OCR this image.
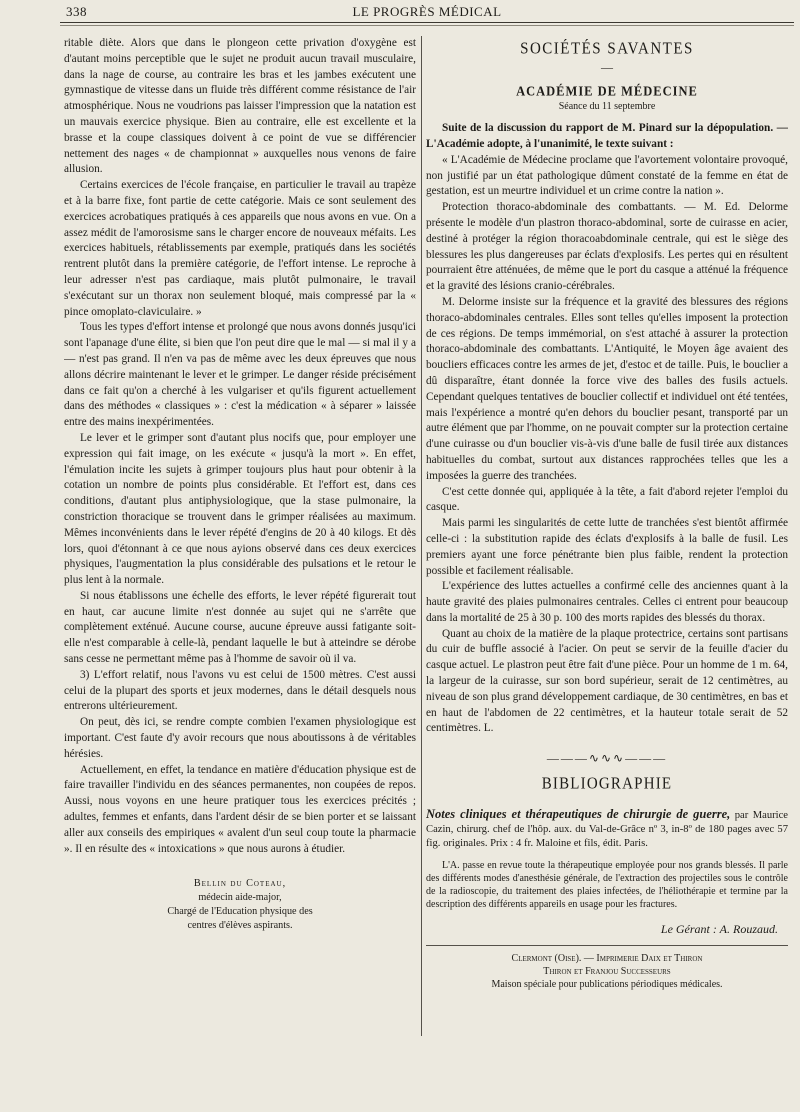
338	LE PROGRÈS MÉDICAL

ritable diète. Alors que dans le plongeon cette privation d'oxygène est d'autant moins perceptible que le sujet ne produit aucun travail musculaire, dans la nage de course, au contraire les bras et les jambes exécutent une gymnastique de vitesse dans un fluide très différent comme résistance de l'air atmosphérique. Nous ne voudrions pas laisser l'impression que la natation est un mauvais exercice physique. Bien au contraire, elle est excellente et la brasse et la coupe classiques doivent à ce point de vue se différencier nettement des nages « de championnat » auxquelles nous venons de faire allusion.

Certains exercices de l'école française, en particulier le travail au trapèze et à la barre fixe, font partie de cette catégorie. Mais ce sont seulement des exercices acrobatiques pratiqués à ces appareils que nous avons en vue. On a assez médit de l'amorosisme sans le charger encore de nouveaux méfaits. Les exercices habituels, rétablissements par exemple, pratiqués dans les sociétés rentrent plutôt dans la première catégorie, de l'effort intense. Le reproche à leur adresser n'est pas cardiaque, mais plutôt pulmonaire, le travail s'exécutant sur un thorax non seulement bloqué, mais compressé par la « pince omoplato-claviculaire. »

Tous les types d'effort intense et prolongé que nous avons donnés jusqu'ici sont l'apanage d'une élite, si bien que l'on peut dire que le mal — si mal il y a — n'est pas grand. Il n'en va pas de même avec les deux épreuves que nous allons décrire maintenant le lever et le grimper. Le danger réside précisément dans ce fait qu'on a cherché à les vulgariser et qu'ils figurent actuellement dans des méthodes « classiques » : c'est la médication « à séparer » laissée entre des mains inexpérimentées.

Le lever et le grimper sont d'autant plus nocifs que, pour employer une expression qui fait image, on les exécute « jusqu'à la mort ». En effet, l'émulation incite les sujets à grimper toujours plus haut pour obtenir à la cotation un nombre de points plus considérable. Et l'effort est, dans ces conditions, d'autant plus antiphysiologique, que la stase pulmonaire, la constriction thoracique se trouvent dans le grimper réalisées au maximum. Mêmes inconvénients dans le lever répété d'engins de 20 à 40 kilogs. Et dès lors, quoi d'étonnant à ce que nous ayions observé dans ces deux exercices physiques, l'augmentation la plus considérable des pulsations et le retour le plus lent à la normale.

Si nous établissons une échelle des efforts, le lever répété figurerait tout en haut, car aucune limite n'est donnée au sujet qui ne s'arrête que complètement exténué. Aucune course, aucune épreuve aussi fatigante soit-elle n'est comparable à celle-là, pendant laquelle le but à atteindre se dérobe sans cesse ne permettant même pas à l'homme de savoir où il va.

3) L'effort relatif, nous l'avons vu est celui de 1500 mètres. C'est aussi celui de la plupart des sports et jeux modernes, dans le détail desquels nous entrerons ultérieurement.

On peut, dès ici, se rendre compte combien l'examen physiologique est important. C'est faute d'y avoir recours que nous aboutissons à de véritables hérésies.

Actuellement, en effet, la tendance en matière d'éducation physique est de faire travailler l'individu en des séances permanentes, non coupées de repos. Aussi, nous voyons en une heure pratiquer tous les exercices précités ; adultes, femmes et enfants, dans l'ardent désir de se bien porter et se laissant aller aux conseils des empiriques « avalent d'un seul coup toute la pharmacie ». Il en résulte des « intoxications » que nous aurons à étudier.

Bellin du Coteau,
médecin aide-major,
Chargé de l'Education physique des
centres d'élèves aspirants.
SOCIÉTÉS SAVANTES
—
ACADÉMIE DE MÉDECINE
Séance du 11 septembre

Suite de la discussion du rapport de M. Pinard sur la dépopulation. — L'Académie adopte, à l'unanimité, le texte suivant :

« L'Académie de Médecine proclame que l'avortement volontaire provoqué, non justifié par un état pathologique dûment constaté de la femme en état de gestation, est un meurtre individuel et un crime contre la nation ».

Protection thoraco-abdominale des combattants. — M. Ed. Delorme présente le modèle d'un plastron thoraco-abdominal, sorte de cuirasse en acier, destiné à protéger la région thoracoabdominale centrale, qui est le siège des blessures les plus dangereuses par éclats d'explosifs. Les pertes qui en résultent pourraient être atténuées, de même que le port du casque a atténué la fréquence et la gravité des lésions cranio-cérébrales.

M. Delorme insiste sur la fréquence et la gravité des blessures des régions thoraco-abdominales centrales. Elles sont telles qu'elles imposent la protection de ces régions. De temps immémorial, on s'est attaché à assurer la protection thoraco-abdominale des combattants. L'Antiquité, le Moyen âge avaient des boucliers efficaces contre les armes de jet, d'estoc et de taille. Puis, le bouclier a dû disparaître, étant donnée la force vive des balles des fusils actuels. Cependant quelques tentatives de bouclier collectif et individuel ont été tentées, mais l'expérience a montré qu'en dehors du bouclier pesant, transporté par un autre élément que par l'homme, on ne pouvait compter sur la protection certaine d'une cuirasse ou d'un bouclier vis-à-vis d'une balle de fusil tirée aux distances habituelles du combat, surtout aux distances rapprochées telles que les a imposées la guerre des tranchées.

C'est cette donnée qui, appliquée à la tête, a fait d'abord rejeter l'emploi du casque.

Mais parmi les singularités de cette lutte de tranchées s'est bientôt affirmée celle-ci : la substitution rapide des éclats d'explosifs à la balle de fusil. Les premiers ayant une force pénétrante bien plus faible, rendent la protection possible et facilement réalisable.

L'expérience des luttes actuelles a confirmé celle des anciennes quant à la haute gravité des plaies pulmonaires centrales. Celles ci entrent pour beaucoup dans la mortalité de 25 à 30 p. 100 des morts rapides des blessés du thorax.

Quant au choix de la matière de la plaque protectrice, certains sont partisans du cuir de buffle associé à l'acier. On peut se servir de la feuille d'acier du casque actuel. Le plastron peut être fait d'une pièce. Pour un homme de 1 m. 64, la largeur de la cuirasse, sur son bord supérieur, serait de 12 centimètres, au niveau de son plus grand développement cardiaque, de 30 centimètres, en bas et en haut de l'abdomen de 22 centimètres, et la hauteur totale serait de 52 centimètres. L.

———∿∿∿———
BIBLIOGRAPHIE
Notes cliniques et thérapeutiques de chirurgie de guerre, par Maurice Cazin, chirurg. chef de l'hôp. aux. du Val-de-Grâce nº 3, in-8º de 180 pages avec 57 fig. originales. Prix : 4 fr. Maloine et fils, édit. Paris.

L'A. passe en revue toute la thérapeutique employée pour nos grands blessés. Il parle des différents modes d'anesthésie générale, de l'extraction des projectiles sous le contrôle de la radioscopie, du traitement des plaies infectées, de l'héliothérapie et termine par la description des différents appareils en usage pour les fractures.

Le Gérant : A. Rouzaud.
Clermont (Oise). — Imprimerie Daix et Thiron
Thiron et Franjou Successeurs
Maison spéciale pour publications périodiques médicales.
